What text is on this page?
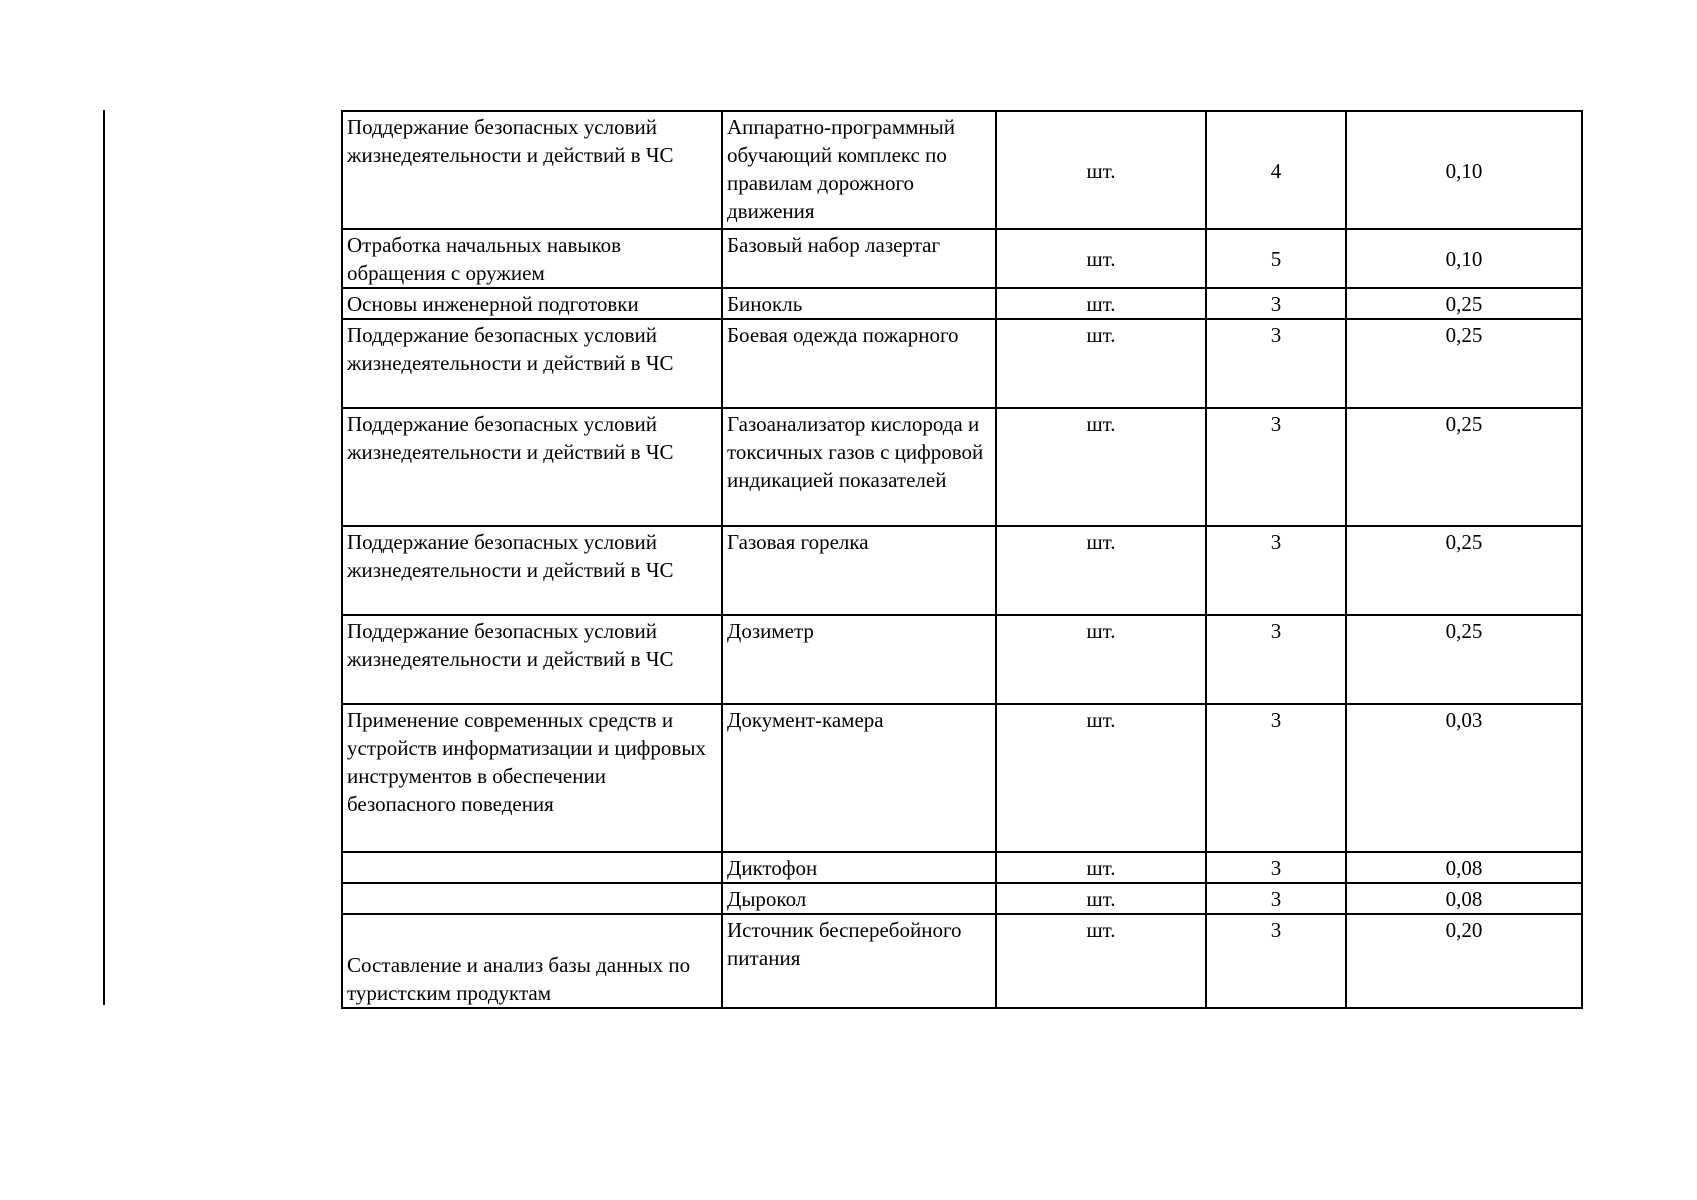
Поддержание безопасных условий жизнедеятельности и действий в ЧС	Аппаратно-программный обучающий комплекс по правилам дорожного движения	шт.	4	0,10
Отработка начальных навыков обращения с оружием	Базовый набор лазертаг	шт.	5	0,10
Основы инженерной подготовки	Бинокль	шт.	3	0,25
Поддержание безопасных условий жизнедеятельности и действий в ЧС	Боевая одежда пожарного	шт.	3	0,25
Поддержание безопасных условий жизнедеятельности и действий в ЧС	Газоанализатор кислорода и токсичных газов с цифровой индикацией показателей	шт.	3	0,25
Поддержание безопасных условий жизнедеятельности и действий в ЧС	Газовая горелка	шт.	3	0,25
Поддержание безопасных условий жизнедеятельности и действий в ЧС	Дозиметр	шт.	3	0,25
Применение современных средств и устройств информатизации и цифровых инструментов в обеспечении безопасного поведения	Документ-камера	шт.	3	0,03
	Диктофон	шт.	3	0,08
	Дырокол	шт.	3	0,08
Составление и анализ базы данных по туристским продуктам	Источник бесперебойного питания	шт.	3	0,20
